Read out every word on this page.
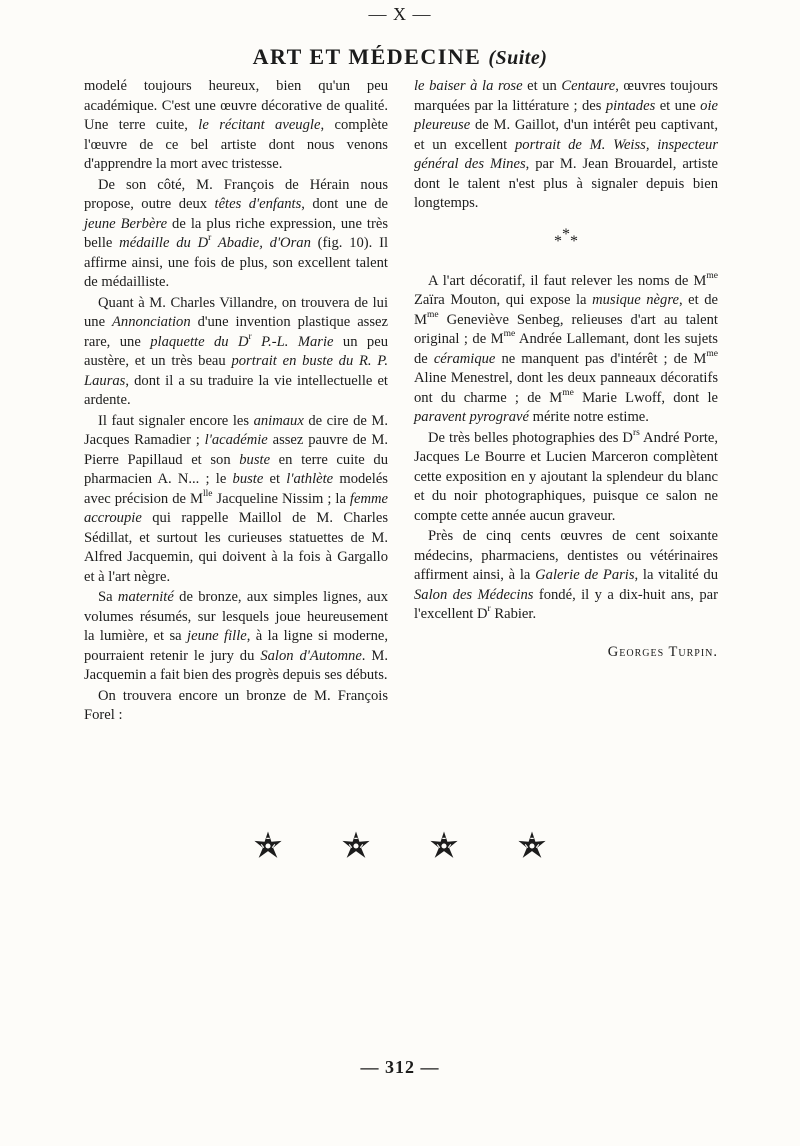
— X —
ART ET MÉDECINE (Suite)

modelé toujours heureux, bien qu'un peu académique. C'est une œuvre décorative de qualité. Une terre cuite, le récitant aveugle, complète l'œuvre de ce bel artiste dont nous venons d'apprendre la mort avec tristesse.

De son côté, M. François de Hérain nous propose, outre deux têtes d'enfants, dont une de jeune Berbère de la plus riche expression, une très belle médaille du $D^r$ Abadie, d'Oran (fig. 10). Il affirme ainsi, une fois de plus, son excellent talent de médailliste.

Quant à M. Charles Villandre, on trouvera de lui une Annonciation d'une invention plastique assez rare, une plaquette du $D^r$ P.-L. Marie un peu austère, et un très beau portrait en buste du R. P. Lauras, dont il a su traduire la vie intellectuelle et ardente.

Il faut signaler encore les animaux de cire de M. Jacques Ramadier ; l'académie assez pauvre de M. Pierre Papillaud et son buste en terre cuite du pharmacien A. N... ; le buste et l'athlète modelés avec précision de $M^{lle}$ Jacqueline Nissim ; la femme accroupie qui rappelle Maillol de M. Charles Sédillat, et surtout les curieuses statuettes de M. Alfred Jacquemin, qui doivent à la fois à Gargallo et à l'art nègre.

Sa maternité de bronze, aux simples lignes, aux volumes résumés, sur lesquels joue heureusement la lumière, et sa jeune fille, à la ligne si moderne, pourraient retenir le jury du Salon d'Automne. M. Jacquemin a fait bien des progrès depuis ses débuts.

On trouvera encore un bronze de M. François Forel :

le baiser à la rose et un Centaure, œuvres toujours marquées par la littérature ; des pintades et une oie pleureuse de M. Gaillot, d'un intérêt peu captivant, et un excellent portrait de M. Weiss, inspecteur général des Mines, par M. Jean Brouardel, artiste dont le talent n'est plus à signaler depuis bien longtemps.

***

A l'art décoratif, il faut relever les noms de $M^{me}$ Zaïra Mouton, qui expose la musique nègre, et de $M^{me}$ Geneviève Senbeg, relieuses d'art au talent original ; de $M^{me}$ Andrée Lallemant, dont les sujets de céramique ne manquent pas d'intérêt ; de $M^{me}$ Aline Menestrel, dont les deux panneaux décoratifs ont du charme ; de $M^{me}$ Marie Lwoff, dont le paravent pyrogravé mérite notre estime.

De très belles photographies des $D^{rs}$ André Porte, Jacques Le Bourre et Lucien Marceron complètent cette exposition en y ajoutant la splendeur du blanc et du noir photographiques, puisque ce salon ne compte cette année aucun graveur.

Près de cinq cents œuvres de cent soixante médecins, pharmaciens, dentistes ou vétérinaires affirment ainsi, à la Galerie de Paris, la vitalité du Salon des Médecins fondé, il y a dix-huit ans, par l'excellent $D^r$ Rabier.

Georges Turpin.
— 312 —
